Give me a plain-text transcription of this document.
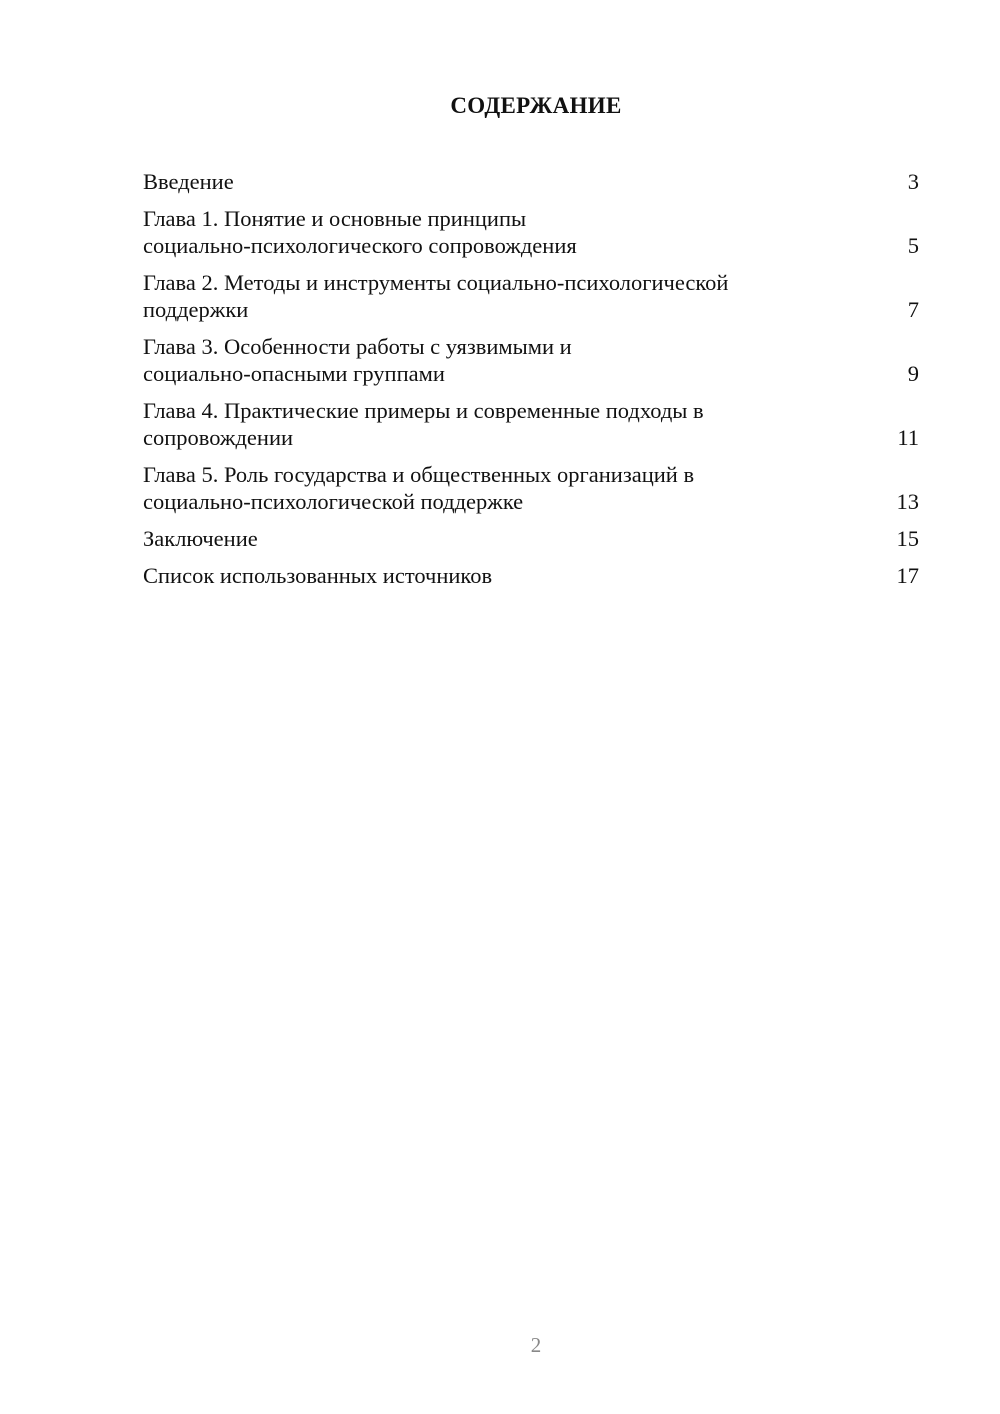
СОДЕРЖАНИЕ
Введение	3
Глава 1. Понятие и основные принципы
социально-психологического сопровождения	5
Глава 2. Методы и инструменты социально-психологической
поддержки	7
Глава 3. Особенности работы с уязвимыми и
социально-опасными группами	9
Глава 4. Практические примеры и современные подходы в
сопровождении	11
Глава 5. Роль государства и общественных организаций в
социально-психологической поддержке	13
Заключение	15
Список использованных источников	17
2
